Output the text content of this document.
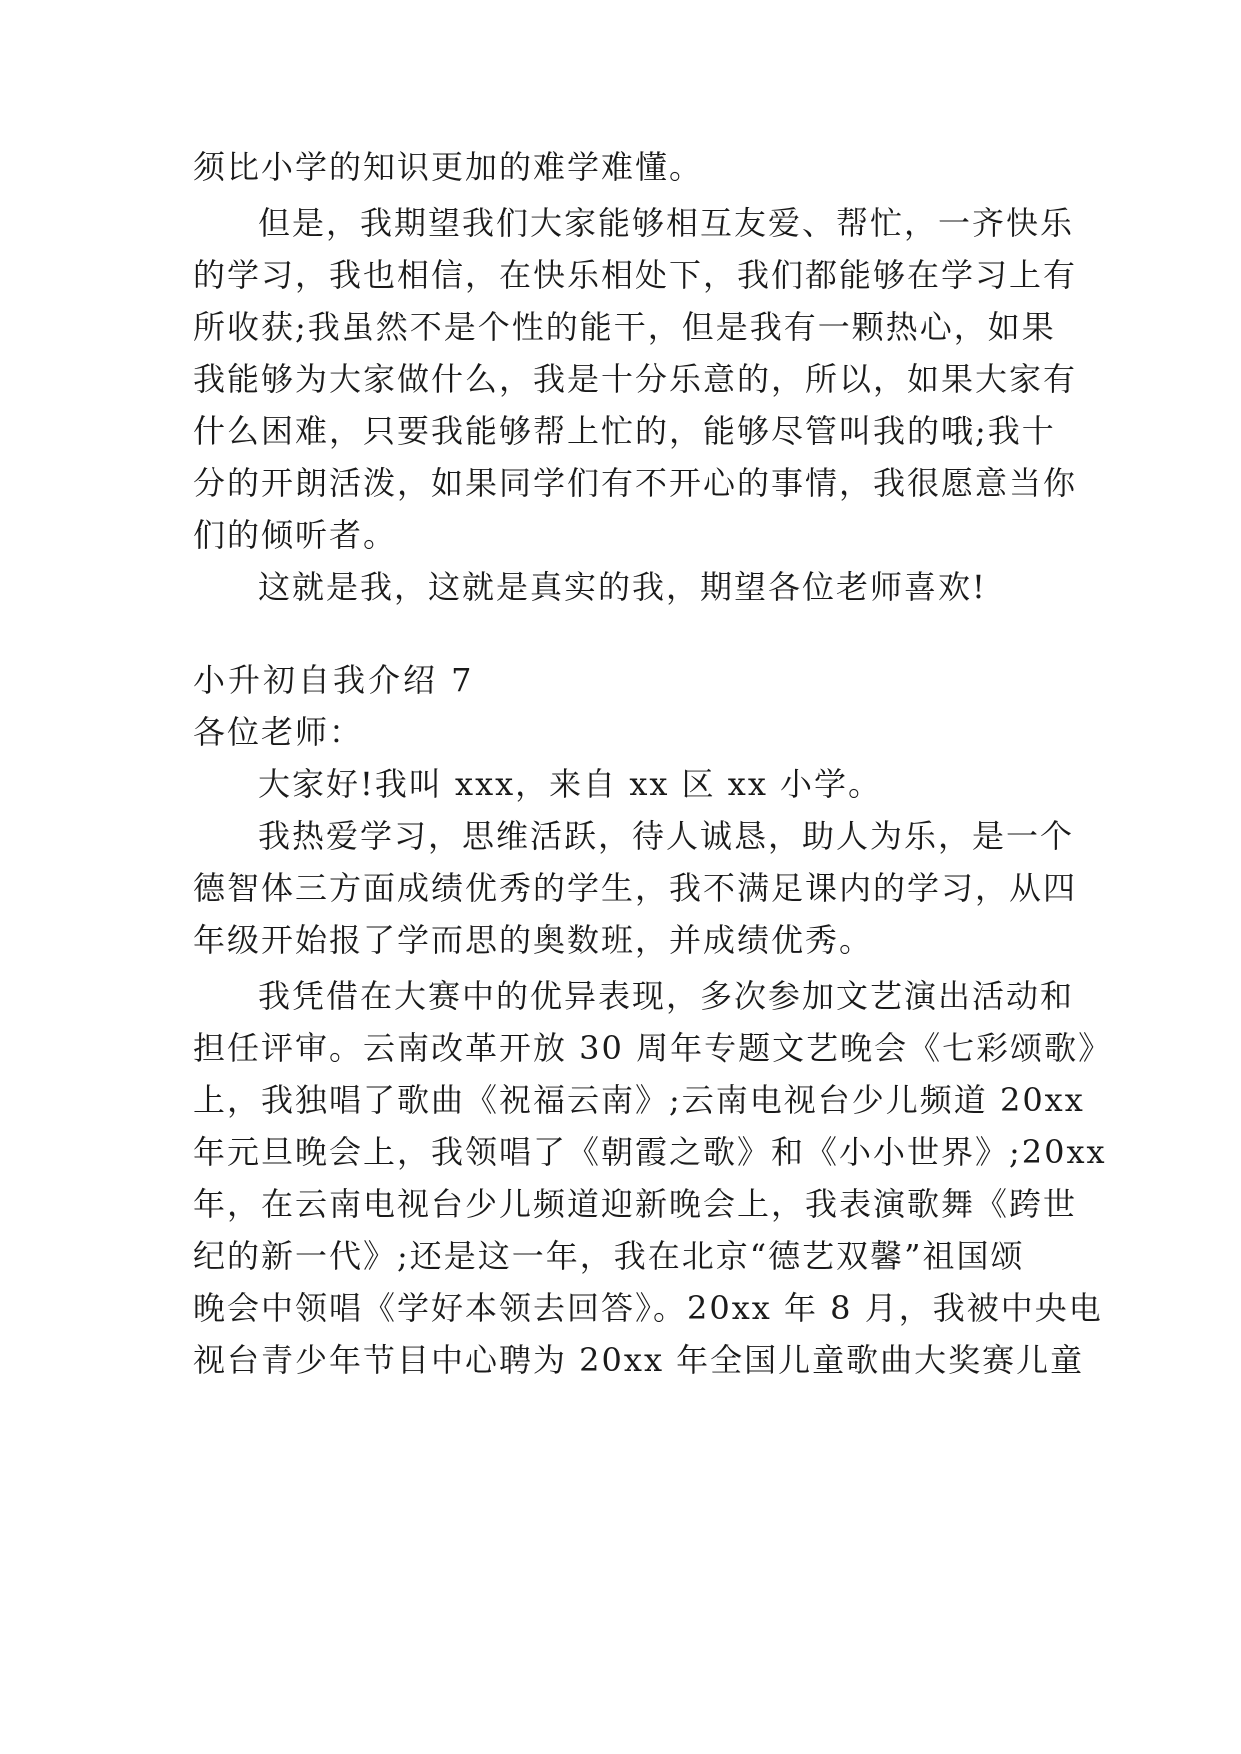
须比小学的知识更加的难学难懂。
但是，我期望我们大家能够相互友爱、帮忙，一齐快乐
的学习，我也相信，在快乐相处下，我们都能够在学习上有
所收获;我虽然不是个性的能干，但是我有一颗热心，如果
我能够为大家做什么，我是十分乐意的，所以，如果大家有
什么困难，只要我能够帮上忙的，能够尽管叫我的哦;我十
分的开朗活泼，如果同学们有不开心的事情，我很愿意当你
们的倾听者。
这就是我，这就是真实的我，期望各位老师喜欢!
小升初自我介绍 7
各位老师：
大家好!我叫 xxx，来自 xx 区 xx 小学。
我热爱学习，思维活跃，待人诚恳，助人为乐，是一个
德智体三方面成绩优秀的学生，我不满足课内的学习，从四
年级开始报了学而思的奥数班，并成绩优秀。
我凭借在大赛中的优异表现，多次参加文艺演出活动和
担任评审。云南改革开放 30 周年专题文艺晚会《七彩颂歌》
上，我独唱了歌曲《祝福云南》;云南电视台少儿频道 20xx
年元旦晚会上，我领唱了《朝霞之歌》和《小小世界》;20xx
年，在云南电视台少儿频道迎新晚会上，我表演歌舞《跨世
纪的新一代》;还是这一年，我在北京“德艺双馨”祖国颂
晚会中领唱《学好本领去回答》。20xx 年 8 月，我被中央电
视台青少年节目中心聘为 20xx 年全国儿童歌曲大奖赛儿童
